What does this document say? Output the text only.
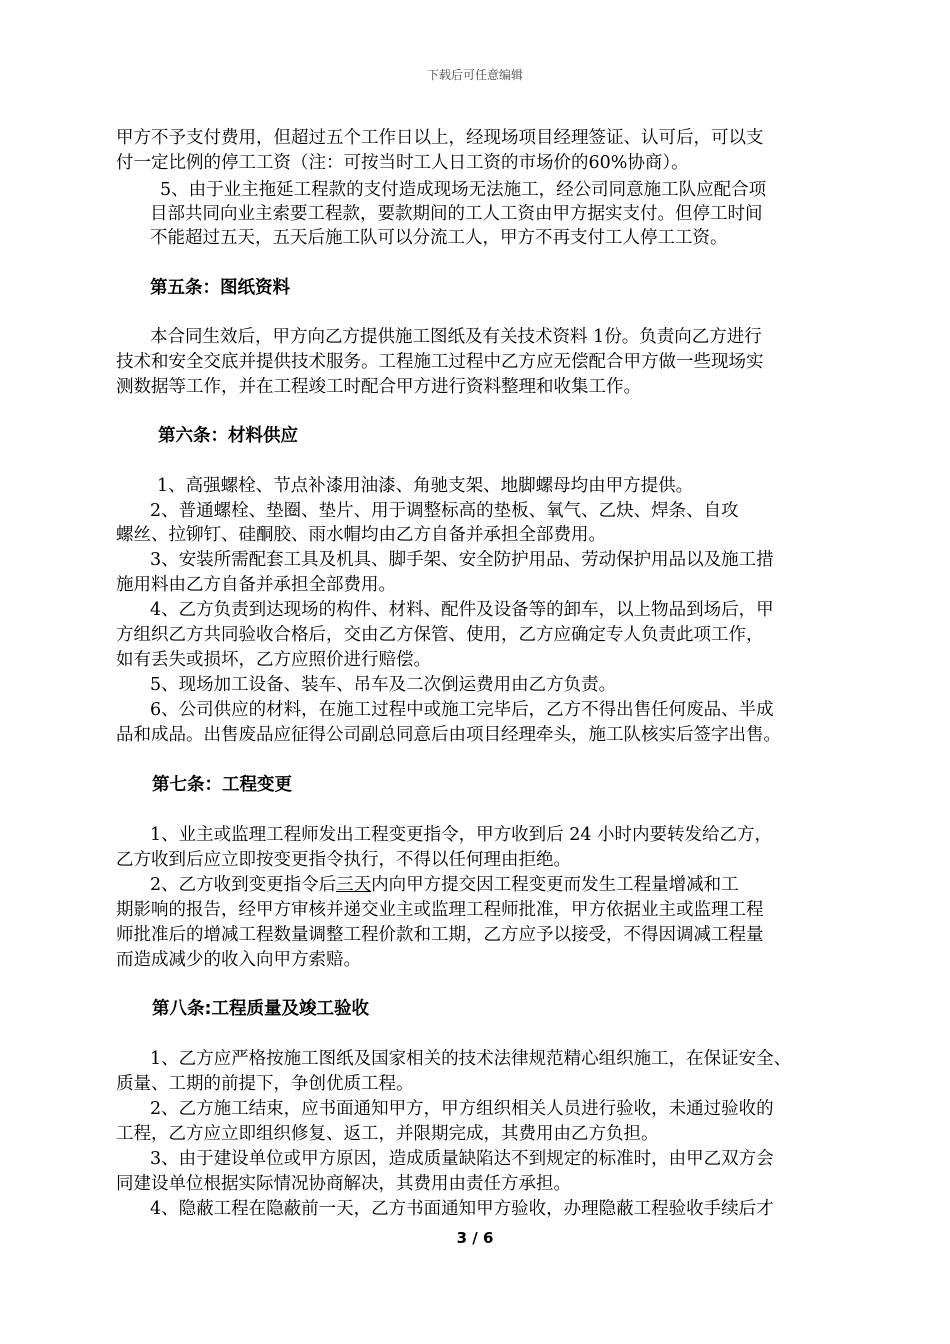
下载后可任意编辑
甲方不予支付费用，但超过五个工作日以上，经现场项目经理签证、认可后，可以支
付一定比例的停工工资（注：可按当时工人日工资的市场价的60%协商）。
5、由于业主拖延工程款的支付造成现场无法施工，经公司同意施工队应配合项
目部共同向业主索要工程款，要款期间的工人工资由甲方据实支付。但停工时间
不能超过五天，五天后施工队可以分流工人，甲方不再支付工人停工工资。
第五条：图纸资料
本合同生效后，甲方向乙方提供施工图纸及有关技术资料 1份。负责向乙方进行
技术和安全交底并提供技术服务。工程施工过程中乙方应无偿配合甲方做一些现场实
测数据等工作，并在工程竣工时配合甲方进行资料整理和收集工作。
第六条：材料供应
1、高强螺栓、节点补漆用油漆、角驰支架、地脚螺母均由甲方提供。
2、普通螺栓、垫圈、垫片、用于调整标高的垫板、氧气、乙炔、焊条、自攻
螺丝、拉铆钉、硅酮胶、雨水帽均由乙方自备并承担全部费用。
3、安装所需配套工具及机具、脚手架、安全防护用品、劳动保护用品以及施工措
施用料由乙方自备并承担全部费用。
4、乙方负责到达现场的构件、材料、配件及设备等的卸车，以上物品到场后，甲
方组织乙方共同验收合格后，交由乙方保管、使用，乙方应确定专人负责此项工作，
如有丢失或损坏，乙方应照价进行赔偿。
5、现场加工设备、装车、吊车及二次倒运费用由乙方负责。
6、公司供应的材料，在施工过程中或施工完毕后，乙方不得出售任何废品、半成
品和成品。出售废品应征得公司副总同意后由项目经理牵头，施工队核实后签字出售。
第七条：工程变更
1、业主或监理工程师发出工程变更指令，甲方收到后 24 小时内要转发给乙方，
乙方收到后应立即按变更指令执行，不得以任何理由拒绝。
2、乙方收到变更指令后三天内向甲方提交因工程变更而发生工程量增减和工
期影响的报告，经甲方审核并递交业主或监理工程师批准，甲方依据业主或监理工程
师批准后的增减工程数量调整工程价款和工期，乙方应予以接受，不得因调减工程量
而造成减少的收入向甲方索赔。
第八条:工程质量及竣工验收
1、乙方应严格按施工图纸及国家相关的技术法律规范精心组织施工，在保证安全、
质量、工期的前提下，争创优质工程。
2、乙方施工结束，应书面通知甲方，甲方组织相关人员进行验收，未通过验收的
工程，乙方应立即组织修复、返工，并限期完成，其费用由乙方负担。
3、由于建设单位或甲方原因，造成质量缺陷达不到规定的标准时，由甲乙双方会
同建设单位根据实际情况协商解决，其费用由责任方承担。
4、隐蔽工程在隐蔽前一天，乙方书面通知甲方验收，办理隐蔽工程验收手续后才
3 / 6
